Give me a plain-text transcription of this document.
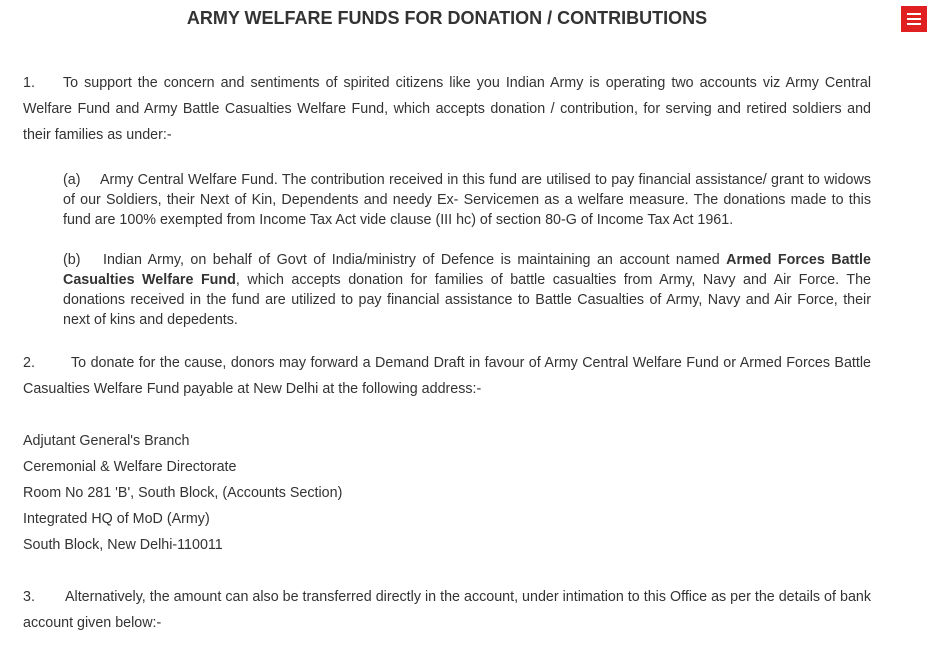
ARMY WELFARE FUNDS FOR DONATION / CONTRIBUTIONS

1. To support the concern and sentiments of spirited citizens like you Indian Army is operating two accounts viz Army Central Welfare Fund and Army Battle Casualties Welfare Fund, which accepts donation / contribution, for serving and retired soldiers and their families as under:-

(a) Army Central Welfare Fund. The contribution received in this fund are utilised to pay financial assistance/ grant to widows of our Soldiers, their Next of Kin, Dependents and needy Ex- Servicemen as a welfare measure. The donations made to this fund are 100% exempted from Income Tax Act vide clause (III hc) of section 80-G of Income Tax Act 1961.

(b) Indian Army, on behalf of Govt of India/ministry of Defence is maintaining an account named Armed Forces Battle Casualties Welfare Fund, which accepts donation for families of battle casualties from Army, Navy and Air Force. The donations received in the fund are utilized to pay financial assistance to Battle Casualties of Army, Navy and Air Force, their next of kins and depedents.

2.	To donate for the cause, donors may forward a Demand Draft in favour of Army Central Welfare Fund or Armed Forces Battle Casualties Welfare Fund payable at New Delhi at the following address:-

Adjutant General's Branch
Ceremonial & Welfare Directorate
Room No 281 'B', South Block, (Accounts Section)
Integrated HQ of MoD (Army)
South Block, New Delhi-110011

3. Alternatively, the amount can also be transferred directly in the account, under intimation to this Office as per the details of bank account given below:-
